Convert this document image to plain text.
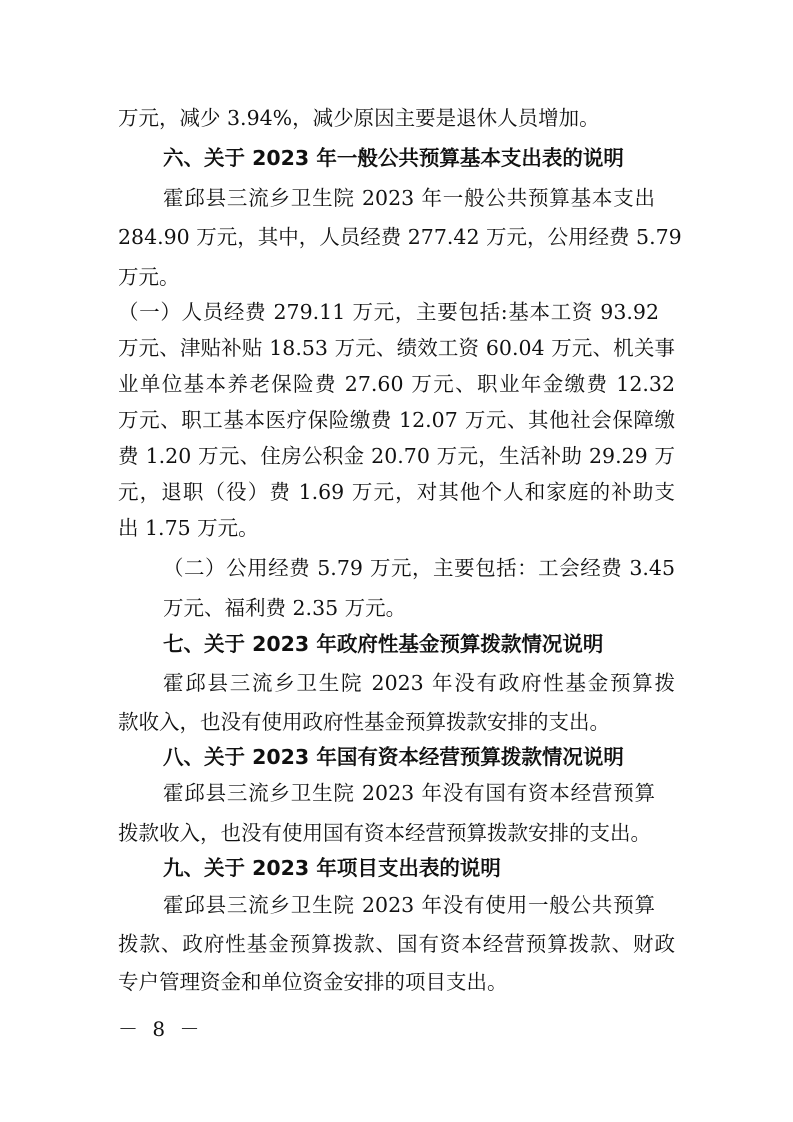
万元，减少 3.94%，减少原因主要是退休人员增加。
六、关于 2023 年一般公共预算基本支出表的说明
霍邱县三流乡卫生院 2023 年一般公共预算基本支出
284.90 万元，其中，人员经费 277.42 万元，公用经费 5.79
万元。
（一）人员经费 279.11 万元，主要包括:基本工资 93.92
万元、津贴补贴 18.53 万元、绩效工资 60.04 万元、机关事
业单位基本养老保险费 27.60 万元、职业年金缴费 12.32
万元、职工基本医疗保险缴费 12.07 万元、其他社会保障缴
费 1.20 万元、住房公积金 20.70 万元，生活补助 29.29 万
元，退职（役）费 1.69 万元，对其他个人和家庭的补助支
出 1.75 万元。
（二）公用经费 5.79 万元，主要包括：工会经费 3.45
万元、福利费 2.35 万元。
七、关于 2023 年政府性基金预算拨款情况说明
霍邱县三流乡卫生院 2023 年没有政府性基金预算拨
款收入，也没有使用政府性基金预算拨款安排的支出。
八、关于 2023 年国有资本经营预算拨款情况说明
霍邱县三流乡卫生院 2023 年没有国有资本经营预算
拨款收入，也没有使用国有资本经营预算拨款安排的支出。
九、关于 2023 年项目支出表的说明
霍邱县三流乡卫生院 2023 年没有使用一般公共预算
拨款、政府性基金预算拨款、国有资本经营预算拨款、财政
专户管理资金和单位资金安排的项目支出。
－ 8 －
